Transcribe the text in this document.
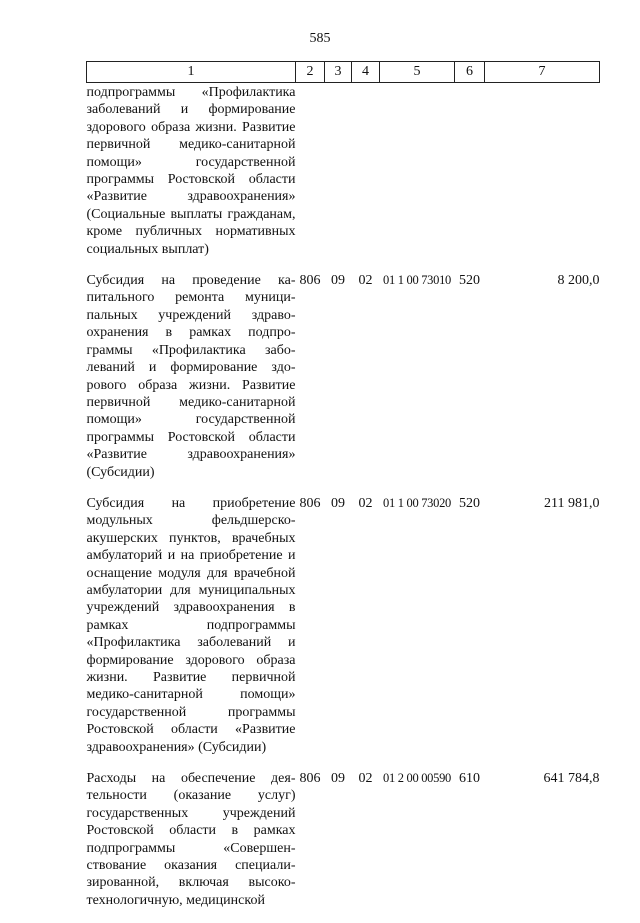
585
1	2	3	4	5	6	7
подпрограммы «Профилактика заболеваний и формирование здорового образа жизни. Развитие первичной медико-санитарной помощи» государственной программы Ростовской области «Развитие здравоохранения» (Социальные выплаты гражданам, кроме публичных нормативных социальных выплат)						
Субсидия на проведение капитального ремонта муниципальных учреждений здравоохранения в рамках подпрограммы «Профилактика заболеваний и формирование здорового образа жизни. Развитие первичной медико-санитарной помощи» государственной программы Ростовской области «Развитие здравоохранения» (Субсидии)	806	09	02	01 1 00 73010	520	8 200,0
Субсидия на приобретение модульных фельдшерско-акушерских пунктов, врачебных амбулаторий и на приобретение и оснащение модуля для врачебной амбулатории для муниципальных учреждений здравоохранения в рамках подпрограммы «Профилактика заболеваний и формирование здорового образа жизни. Развитие первичной медико-санитарной помощи» государственной программы Ростовской области «Развитие здравоохранения» (Субсидии)	806	09	02	01 1 00 73020	520	211 981,0
Расходы на обеспечение деятельности (оказание услуг) государственных учреждений Ростовской области в рамках подпрограммы «Совершенствование оказания специализированной, включая высокотехнологичную, медицинской	806	09	02	01 2 00 00590	610	641 784,8
